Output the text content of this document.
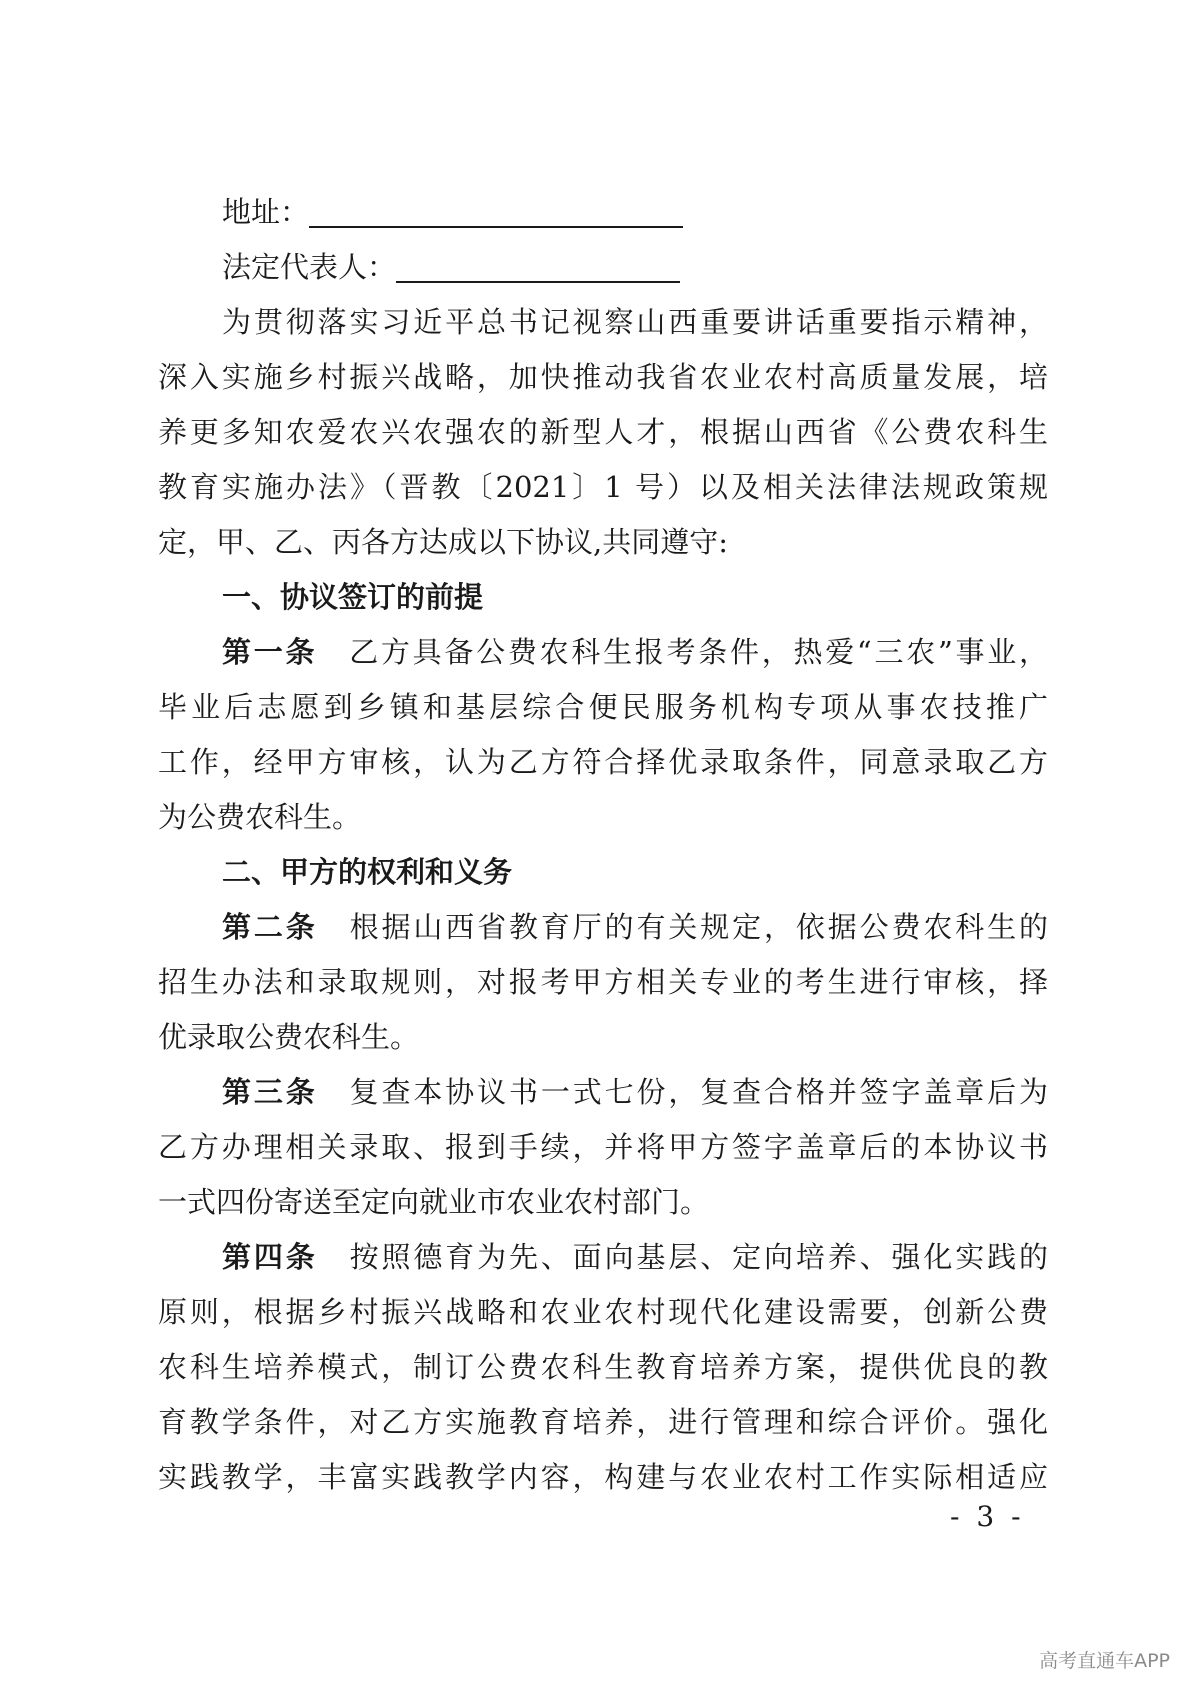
地址：
法定代表人：
为贯彻落实习近平总书记视察山西重要讲话重要指示精神，
深入实施乡村振兴战略，加快推动我省农业农村高质量发展，培
养更多知农爱农兴农强农的新型人才，根据山西省《公费农科生
教育实施办法》（晋教〔2021〕1 号）以及相关法律法规政策规
定，甲、乙、丙各方达成以下协议,共同遵守:
一、协议签订的前提
第一条 乙方具备公费农科生报考条件，热爱“三农”事业，
毕业后志愿到乡镇和基层综合便民服务机构专项从事农技推广
工作，经甲方审核，认为乙方符合择优录取条件，同意录取乙方
为公费农科生。
二、甲方的权利和义务
第二条 根据山西省教育厅的有关规定，依据公费农科生的
招生办法和录取规则，对报考甲方相关专业的考生进行审核，择
优录取公费农科生。
第三条 复查本协议书一式七份，复查合格并签字盖章后为
乙方办理相关录取、报到手续，并将甲方签字盖章后的本协议书
一式四份寄送至定向就业市农业农村部门。
第四条 按照德育为先、面向基层、定向培养、强化实践的
原则，根据乡村振兴战略和农业农村现代化建设需要，创新公费
农科生培养模式，制订公费农科生教育培养方案，提供优良的教
育教学条件，对乙方实施教育培养，进行管理和综合评价。强化
实践教学，丰富实践教学内容，构建与农业农村工作实际相适应
- 3 -
高考直通车APP
